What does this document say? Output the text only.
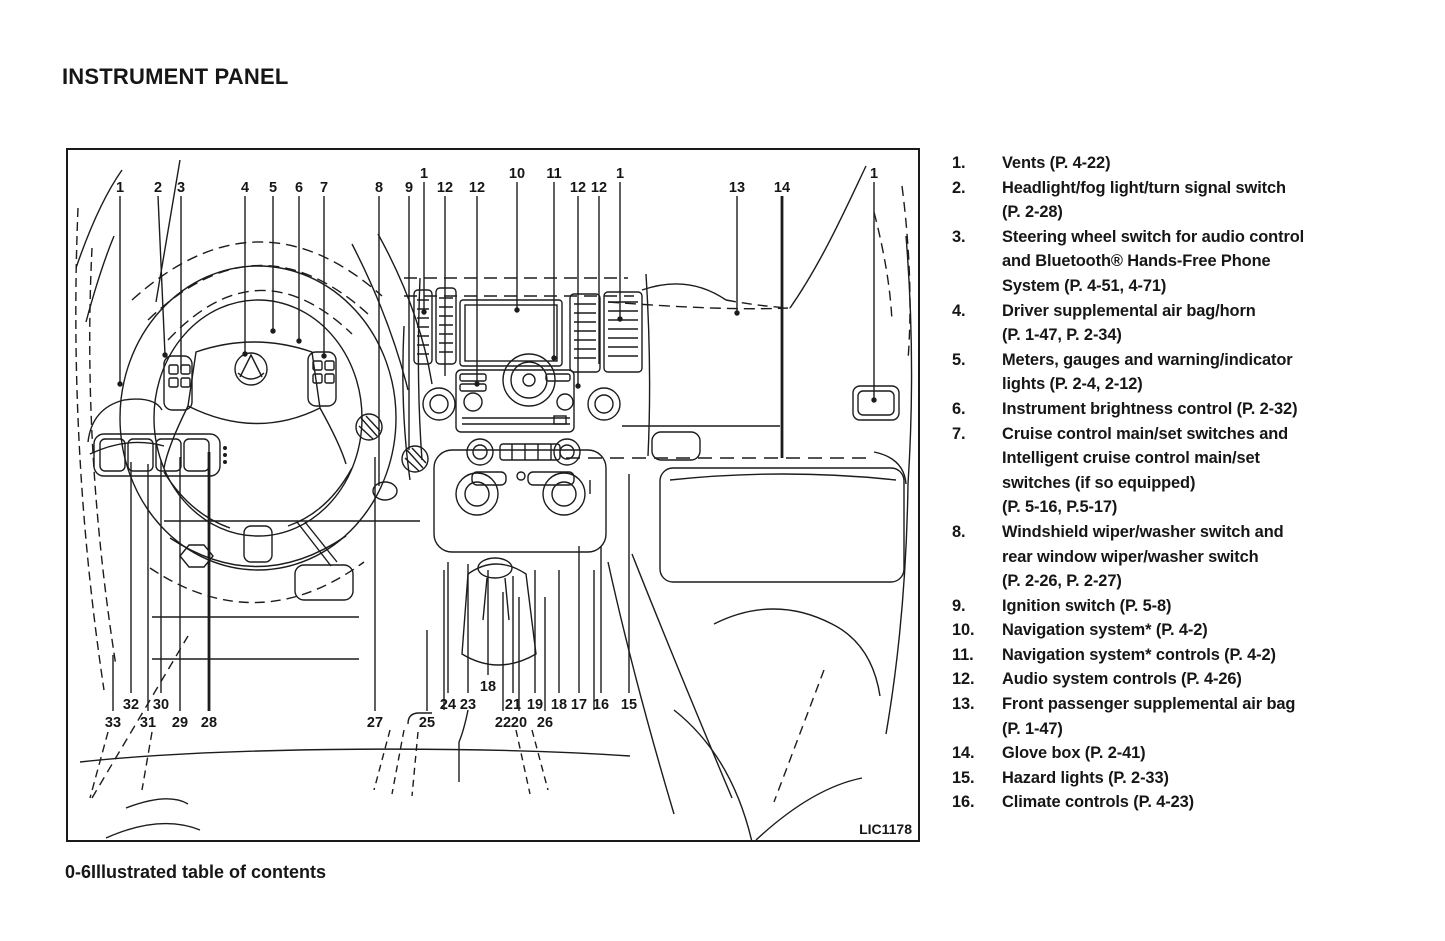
INSTRUMENT PANEL
1 2 3	4 5 6 7	8 9
1
12 12
10 11
12 12
1
13 14
1
33
32
31
30
29 28	27 25
24 23
18
21
22
19
20 26
18 17 16 15
LIC1178
1.	Vents (P. 4-22)
2.	Headlight/fog light/turn signal switch
(P. 2-28)
3.	Steering wheel switch for audio control
and Bluetooth® Hands-Free Phone
System (P. 4-51, 4-71)
4.	Driver supplemental air bag/horn
(P. 1-47, P. 2-34)
5.	Meters, gauges and warning/indicator
lights (P. 2-4, 2-12)
6.	Instrument brightness control (P. 2-32)
7.	Cruise control main/set switches and
Intelligent cruise control main/set
switches (if so equipped)
(P. 5-16, P.5-17)
8.	Windshield wiper/washer switch and
rear window wiper/washer switch
(P. 2-26, P. 2-27)
9.	Ignition switch (P. 5-8)
10.	Navigation system* (P. 4-2)
11.	Navigation system* controls (P. 4-2)
12.	Audio system controls (P. 4-26)
13.	Front passenger supplemental air bag
(P. 1-47)
14.	Glove box (P. 2-41)
15.	Hazard lights (P. 2-33)
16.	Climate controls (P. 4-23)
0-6Illustrated table of contents
